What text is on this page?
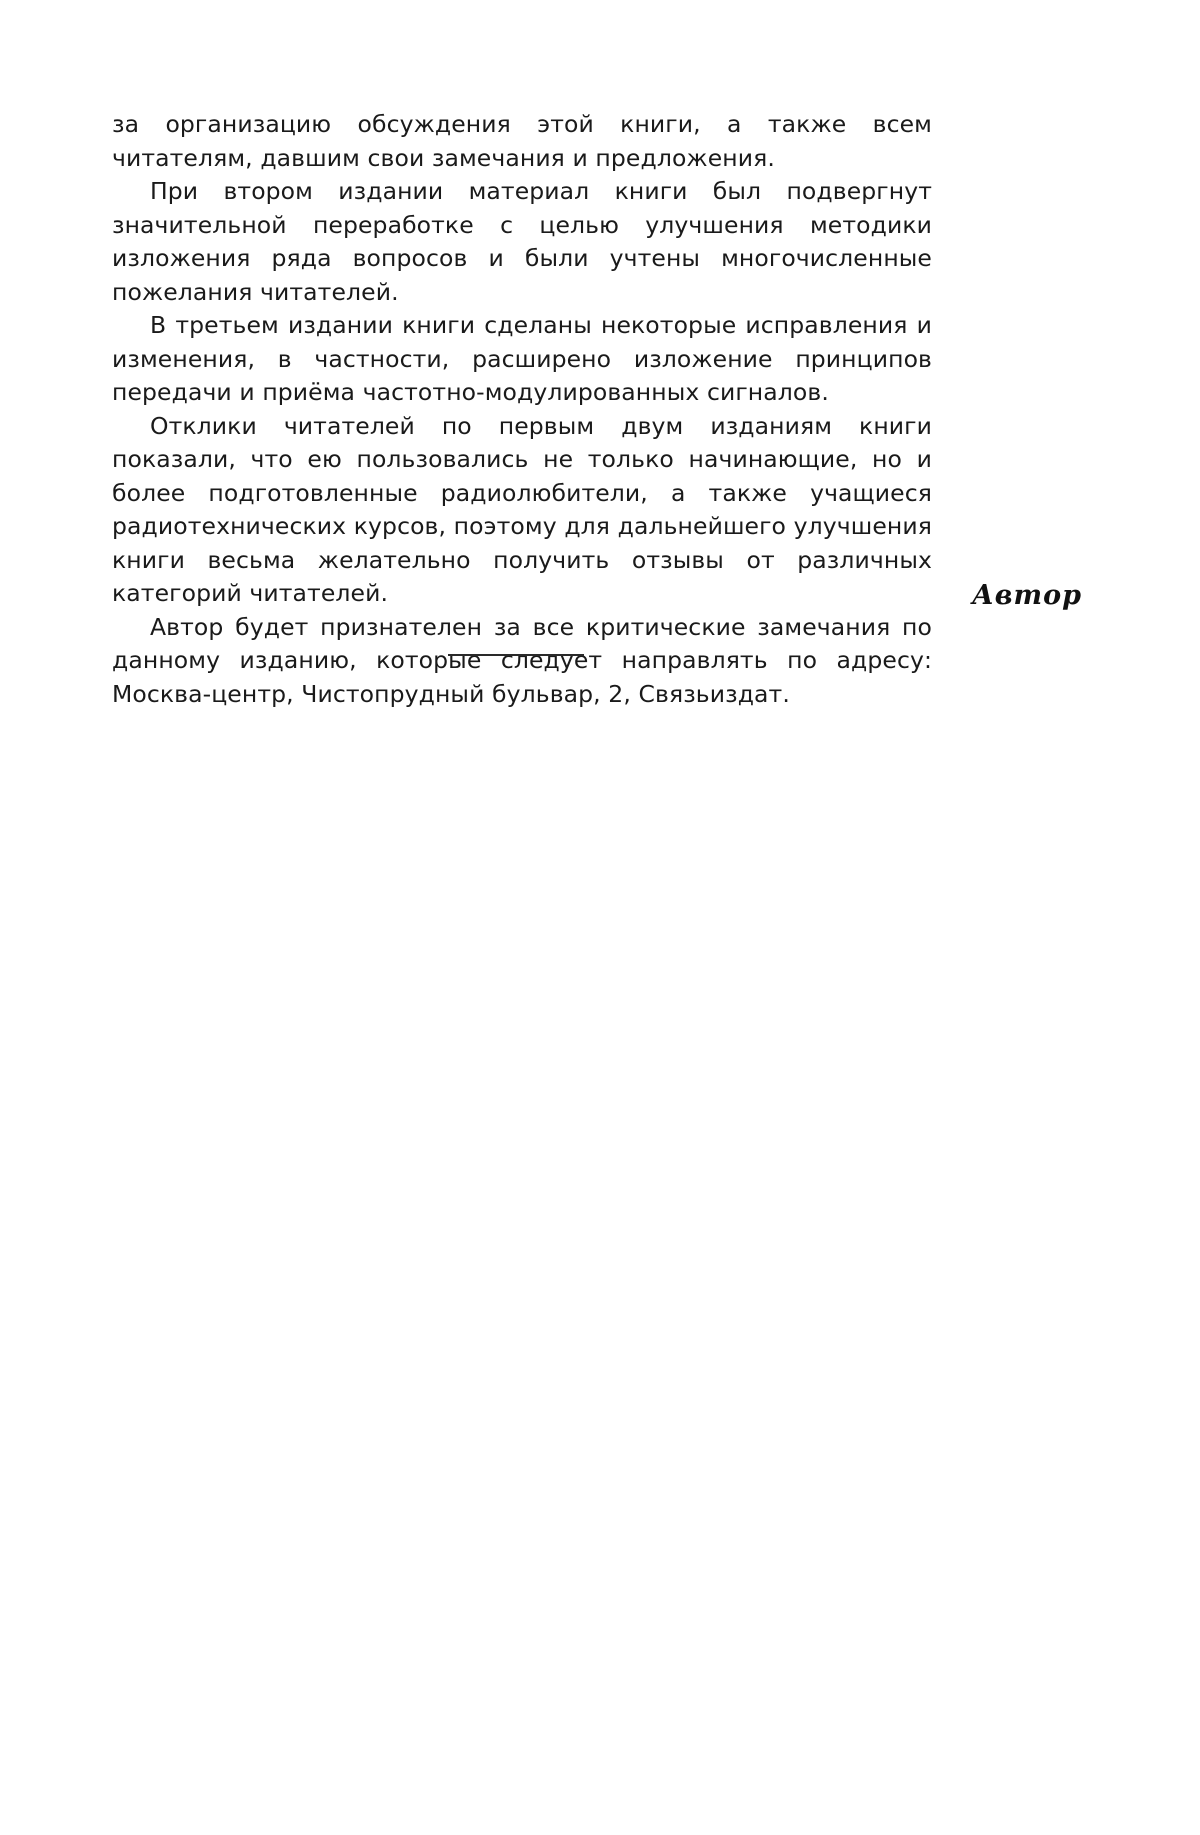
за организацию обсуждения этой книги, а также всем читателям, давшим свои замечания и предложения.

При втором издании материал книги был подвергнут значительной переработке с целью улучшения методики изложения ряда вопросов и были учтены многочисленные пожелания читателей.

В третьем издании книги сделаны некоторые исправления и изменения, в частности, расширено изложение принципов передачи и приёма частотно-модулированных сигналов.

Отклики читателей по первым двум изданиям книги показали, что ею пользовались не только начинающие, но и более подготовленные радиолюбители, а также учащиеся радиотехнических курсов, поэтому для дальнейшего улучшения книги весьма желательно получить отзывы от различных категорий читателей.

Автор будет признателен за все критические замечания по данному изданию, которые следует направлять по адресу: Москва-центр, Чистопрудный бульвар, 2, Связьиздат.

Автор
